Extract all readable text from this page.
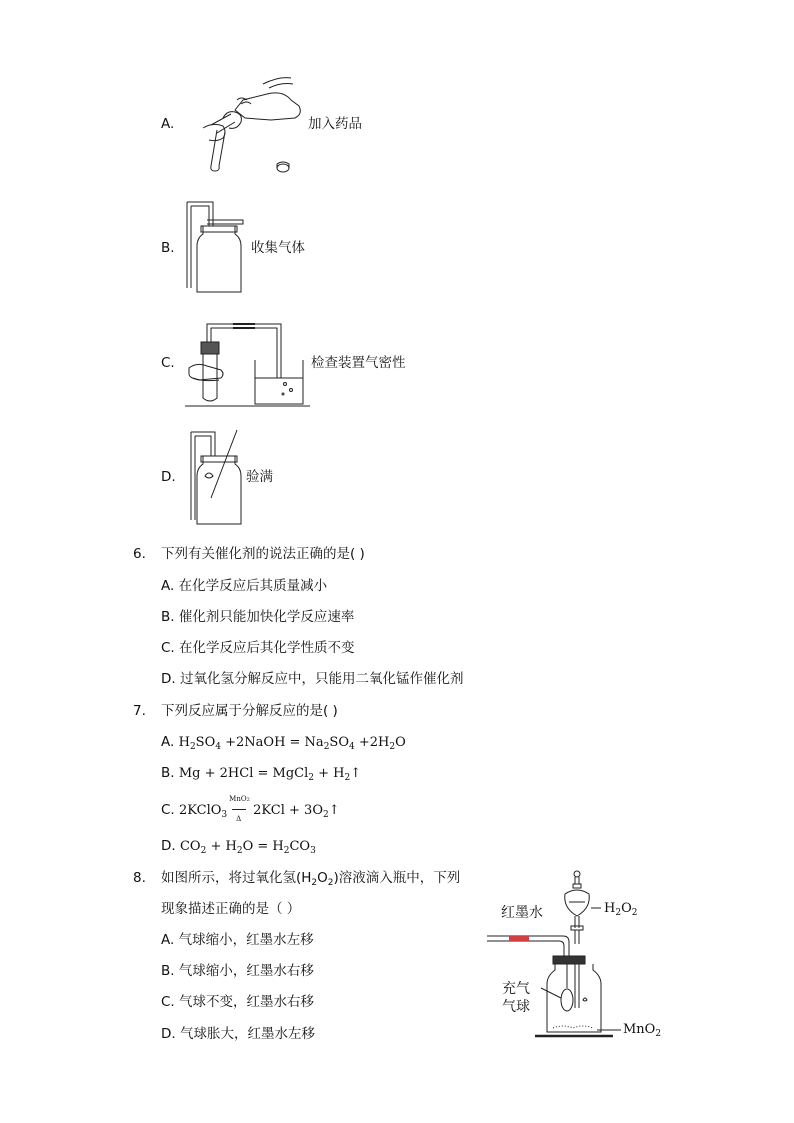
A.	加入药品
B.	收集气体
C.	检查装置气密性
D.	验满
6. 下列有关催化剂的说法正确的是( )
A. 在化学反应后其质量减小
B. 催化剂只能加快化学反应速率
C. 在化学反应后其化学性质不变
D. 过氧化氢分解反应中，只能用二氧化锰作催化剂
7. 下列反应属于分解反应的是( )
A. $H_2SO_4$ +2NaOH = $Na_2SO_4 +2H_2O$
B. Mg + 2HCl = MgCl$_2$ + $H_2↑$
C. 2KClO$_3$
MnO2
Δ
$2KCl + 3O_2↑$
D. $CO_2 + H_2O = H_2CO_3$
8. 如图所示，将过氧化氢$(H_2O_2)$溶液滴入瓶中，下列
现象描述正确的是（ ）
A. 气球缩小，红墨水左移
B. 气球缩小，红墨水右移
C. 气球不变，红墨水右移
D. 气球胀大，红墨水左移
红墨水	$H_2O_2$
充气
气球
MnO$_2$
